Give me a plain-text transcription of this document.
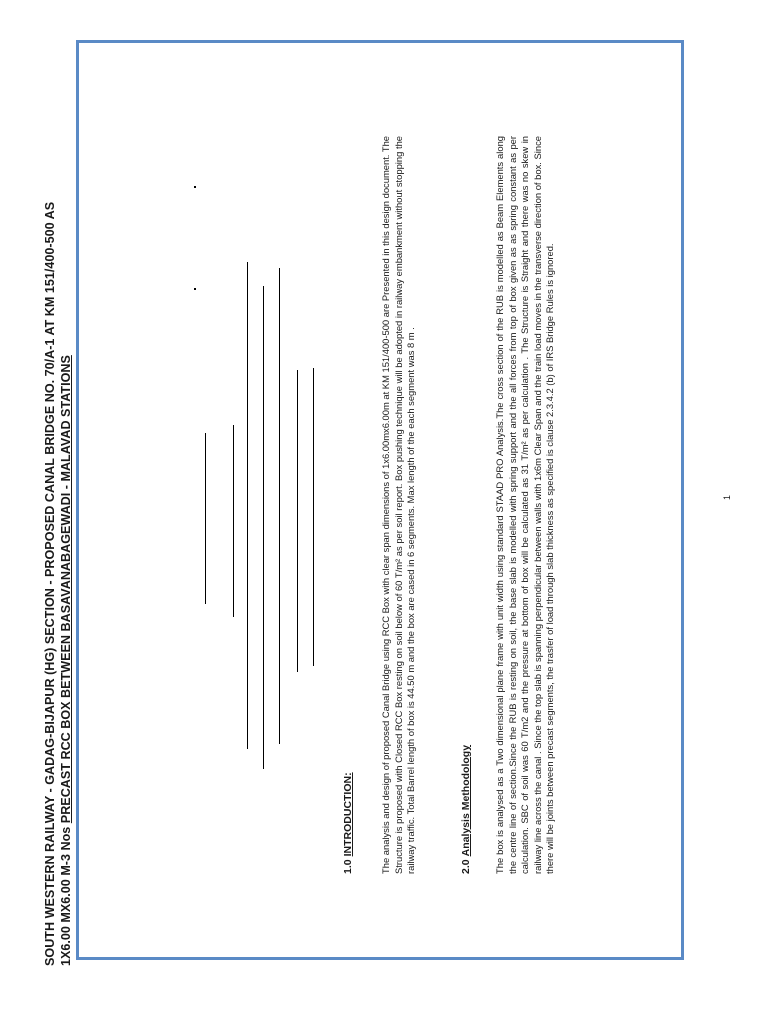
SOUTH WESTERN RAILWAY - GADAG-BIJAPUR (HG) SECTION - PROPOSED CANAL BRIDGE NO. 70/A-1 AT KM 151/400-500 AS 1X6.00 MX6.00 M-3 Nos PRECAST RCC BOX BETWEEN BASAVANABAGEWADI - MALAVAD STATIONS
1.0INTRODUCTION:	The analysis and design of proposed Canal Bridge using RCC Box with clear span dimensions of 1x6.00mx6.00m at KM 151/400-500 are Presented in this design document. The Structure is proposed with Closed RCC Box resting on soil below of 60 T/m² as per soil report. Box pushing technique will be adopted in railway embankment without stopping the railway traffic. Total Barrel length of box is 44.50 m and the box are cased in 6 segments. Max length of the each segment was 8 m .	2.0Analysis Methodology The box is analysed as a Two dimensional plane frame with unit width using standard STAAD PRO Analysis.The cross section of the RUB is modelled as Beam Elements along the centre line of section.Since the RUB is resting on soil, the base slab is modelled with spring support and the all forces from top of box given as as spring constant as per calculation. SBC of soil was 60 T/m2 and the pressure at bottom of box will be calculated as 31 T/m² as per calculation . The Structure is Straight and there was no skew in railway line across the canal . Since the top slab is spanning perpendicular between walls with 1x6m Clear Span and the train load moves in the transverse direction of box. Since there will be joints between precast segments, the trasfer of load through slab thickness as specified is clause 2.3.4.2 (b) of IRS Bridge Rules is ignored.	1
